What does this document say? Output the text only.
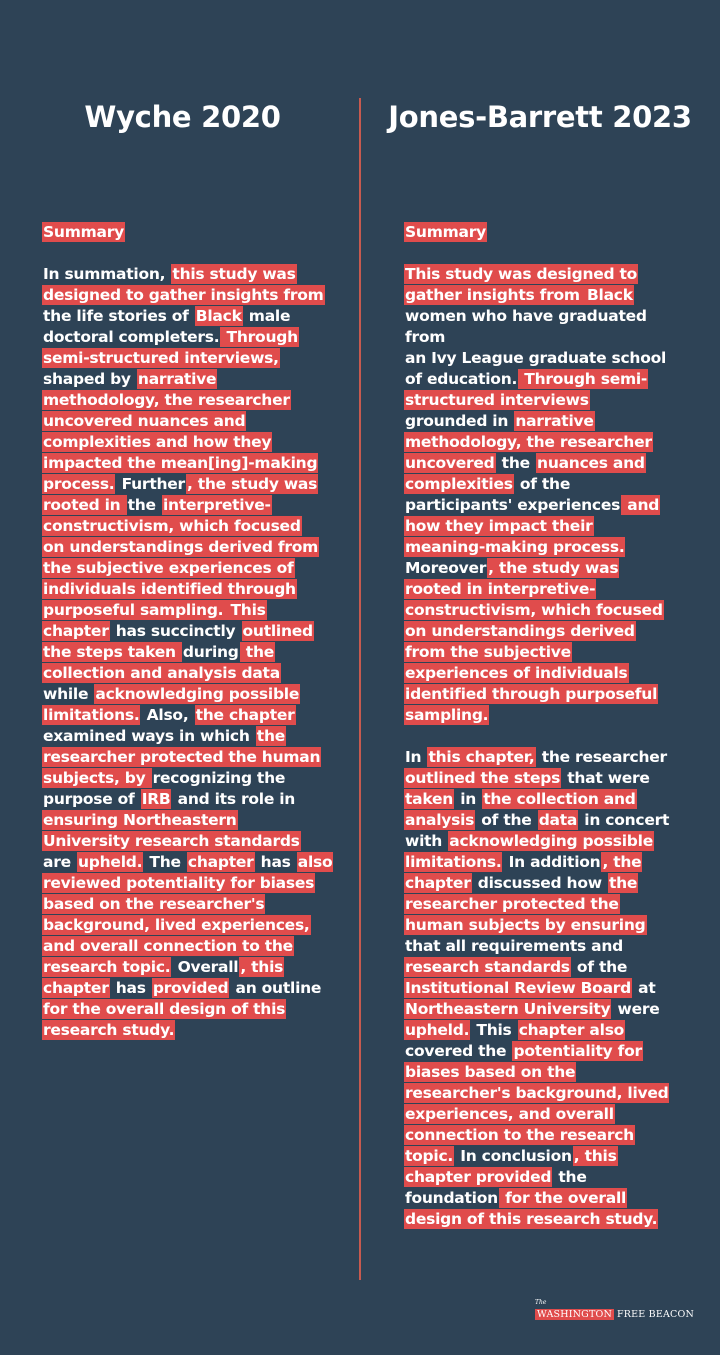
Wyche 2020	Jones-Barrett 2023
Summary
In summation, this study was
designed to gather insights from
the life stories of Black male
doctoral completers. Through
semi-structured interviews,
shaped by narrative
methodology, the researcher
uncovered nuances and
complexities and how they
impacted the mean[ing]-making
process. Further , the study was
rooted in the interpretive-
constructivism, which focused
on understandings derived from
the subjective experiences of
individuals identified through
purposeful sampling. This
chapter has succinctly outlined
the steps taken during the
collection and analysis data
while acknowledging possible
limitations. Also, the chapter
examined ways in which the
researcher protected the human
subjects, by recognizing the
purpose of IRB and its role in
ensuring Northeastern
University research standards
are upheld. The chapter has also
reviewed potentiality for biases
based on the researcher's
background, lived experiences,
and overall connection to the
research topic. Overall , this
chapter has provided an outline
for the overall design of this
research study.
Summary
This study was designed to
gather insights from Black
women who have graduated
from
an Ivy League graduate school
of education. Through semi-
structured interviews
grounded in narrative
methodology, the researcher
uncovered the nuances and
complexities of the
participants' experiences and
how they impact their
meaning-making process.
Moreover , the study was
rooted in interpretive-
constructivism, which focused
on understandings derived
from the subjective
experiences of individuals
identified through purposeful
sampling.
In this chapter, the researcher
outlined the steps that were
taken in the collection and
analysis of the data in concert
with acknowledging possible
limitations. In addition , the
chapter discussed how the
researcher protected the
human subjects by ensuring
that all requirements and
research standards of the
Institutional Review Board at
Northeastern University were
upheld. This chapter also
covered the potentiality for
biases based on the
researcher's background, lived
experiences, and overall
connection to the research
topic. In conclusion , this
chapter provided the
foundation for the overall
design of this research study.
The
WASHINGTON FREE BEACON
